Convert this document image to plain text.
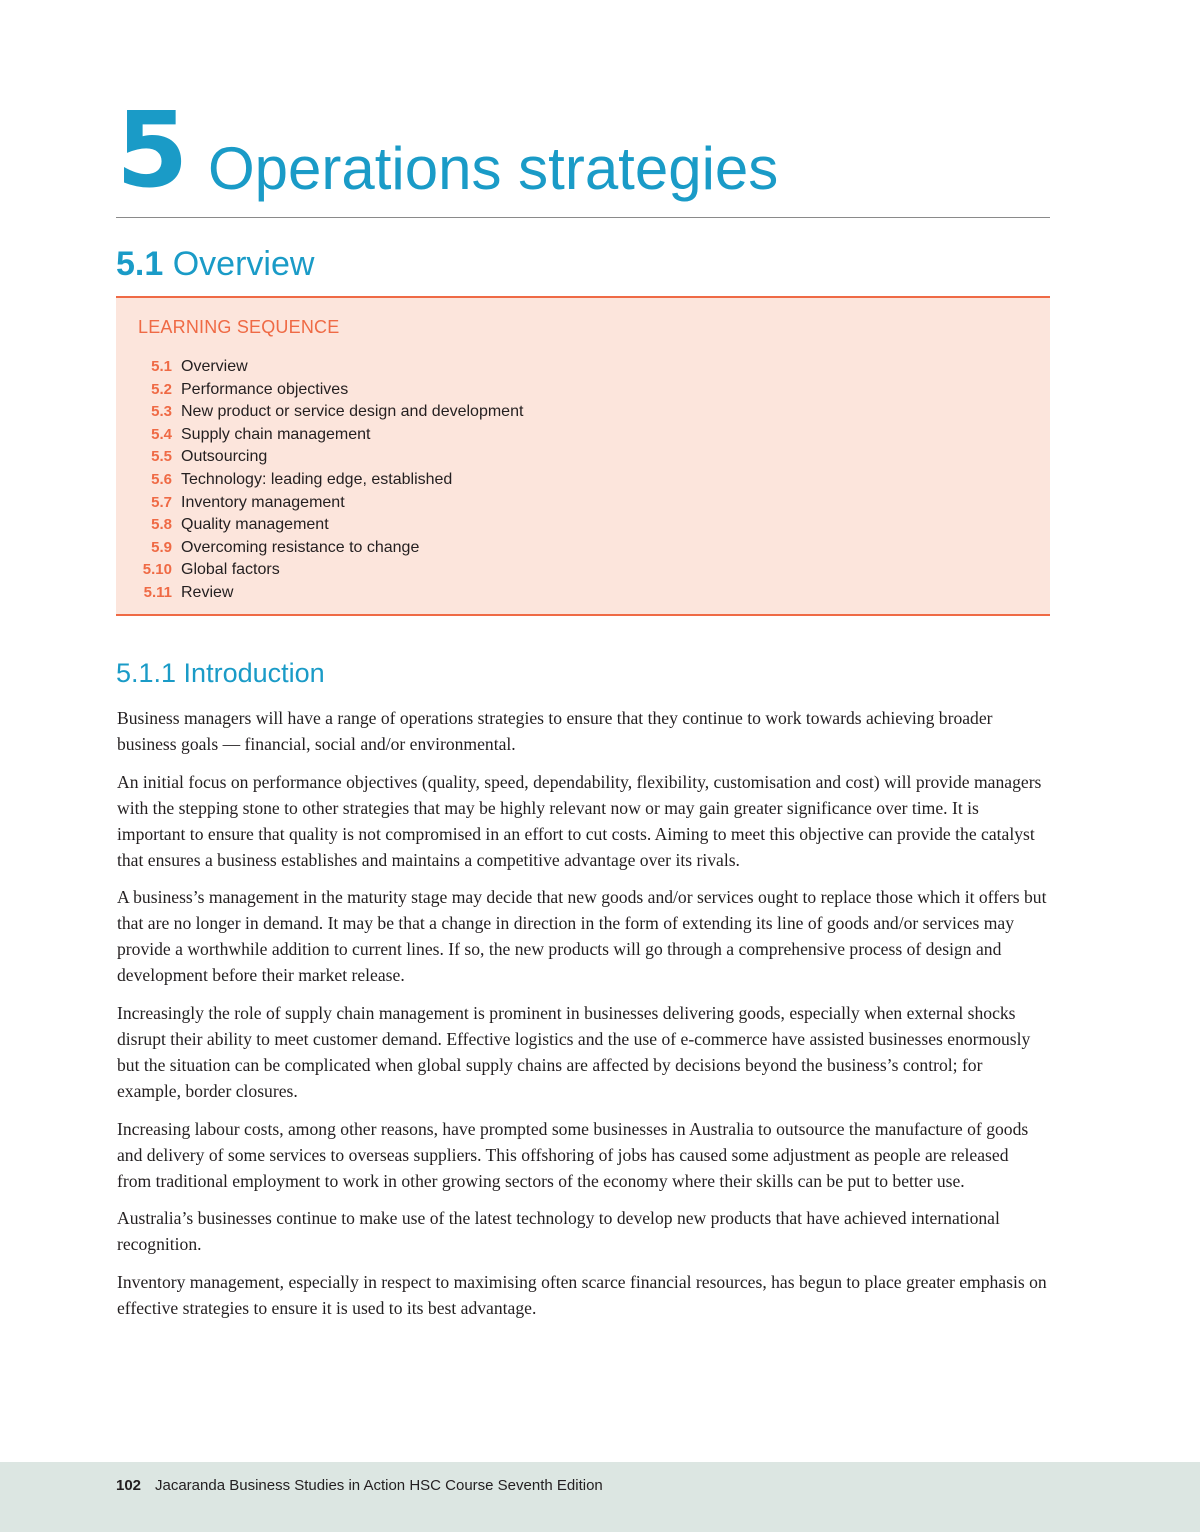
5 Operations strategies
5.1 Overview
LEARNING SEQUENCE
5.1 Overview
5.2 Performance objectives
5.3 New product or service design and development
5.4 Supply chain management
5.5 Outsourcing
5.6 Technology: leading edge, established
5.7 Inventory management
5.8 Quality management
5.9 Overcoming resistance to change
5.10 Global factors
5.11 Review
5.1.1 Introduction

Business managers will have a range of operations strategies to ensure that they continue to work towards achieving broader business goals — financial, social and/or environmental.

An initial focus on performance objectives (quality, speed, dependability, flexibility, customisation and cost) will provide managers with the stepping stone to other strategies that may be highly relevant now or may gain greater significance over time. It is important to ensure that quality is not compromised in an effort to cut costs. Aiming to meet this objective can provide the catalyst that ensures a business establishes and maintains a competitive advantage over its rivals.

A business’s management in the maturity stage may decide that new goods and/or services ought to replace those which it offers but that are no longer in demand. It may be that a change in direction in the form of extending its line of goods and/or services may provide a worthwhile addition to current lines. If so, the new products will go through a comprehensive process of design and development before their market release.

Increasingly the role of supply chain management is prominent in businesses delivering goods, especially when external shocks disrupt their ability to meet customer demand. Effective logistics and the use of e-commerce have assisted businesses enormously but the situation can be complicated when global supply chains are affected by decisions beyond the business’s control; for example, border closures.

Increasing labour costs, among other reasons, have prompted some businesses in Australia to outsource the manufacture of goods and delivery of some services to overseas suppliers. This offshoring of jobs has caused some adjustment as people are released from traditional employment to work in other growing sectors of the economy where their skills can be put to better use.

Australia’s businesses continue to make use of the latest technology to develop new products that have achieved international recognition.

Inventory management, especially in respect to maximising often scarce financial resources, has begun to place greater emphasis on effective strategies to ensure it is used to its best advantage.

102 Jacaranda Business Studies in Action HSC Course Seventh Edition
